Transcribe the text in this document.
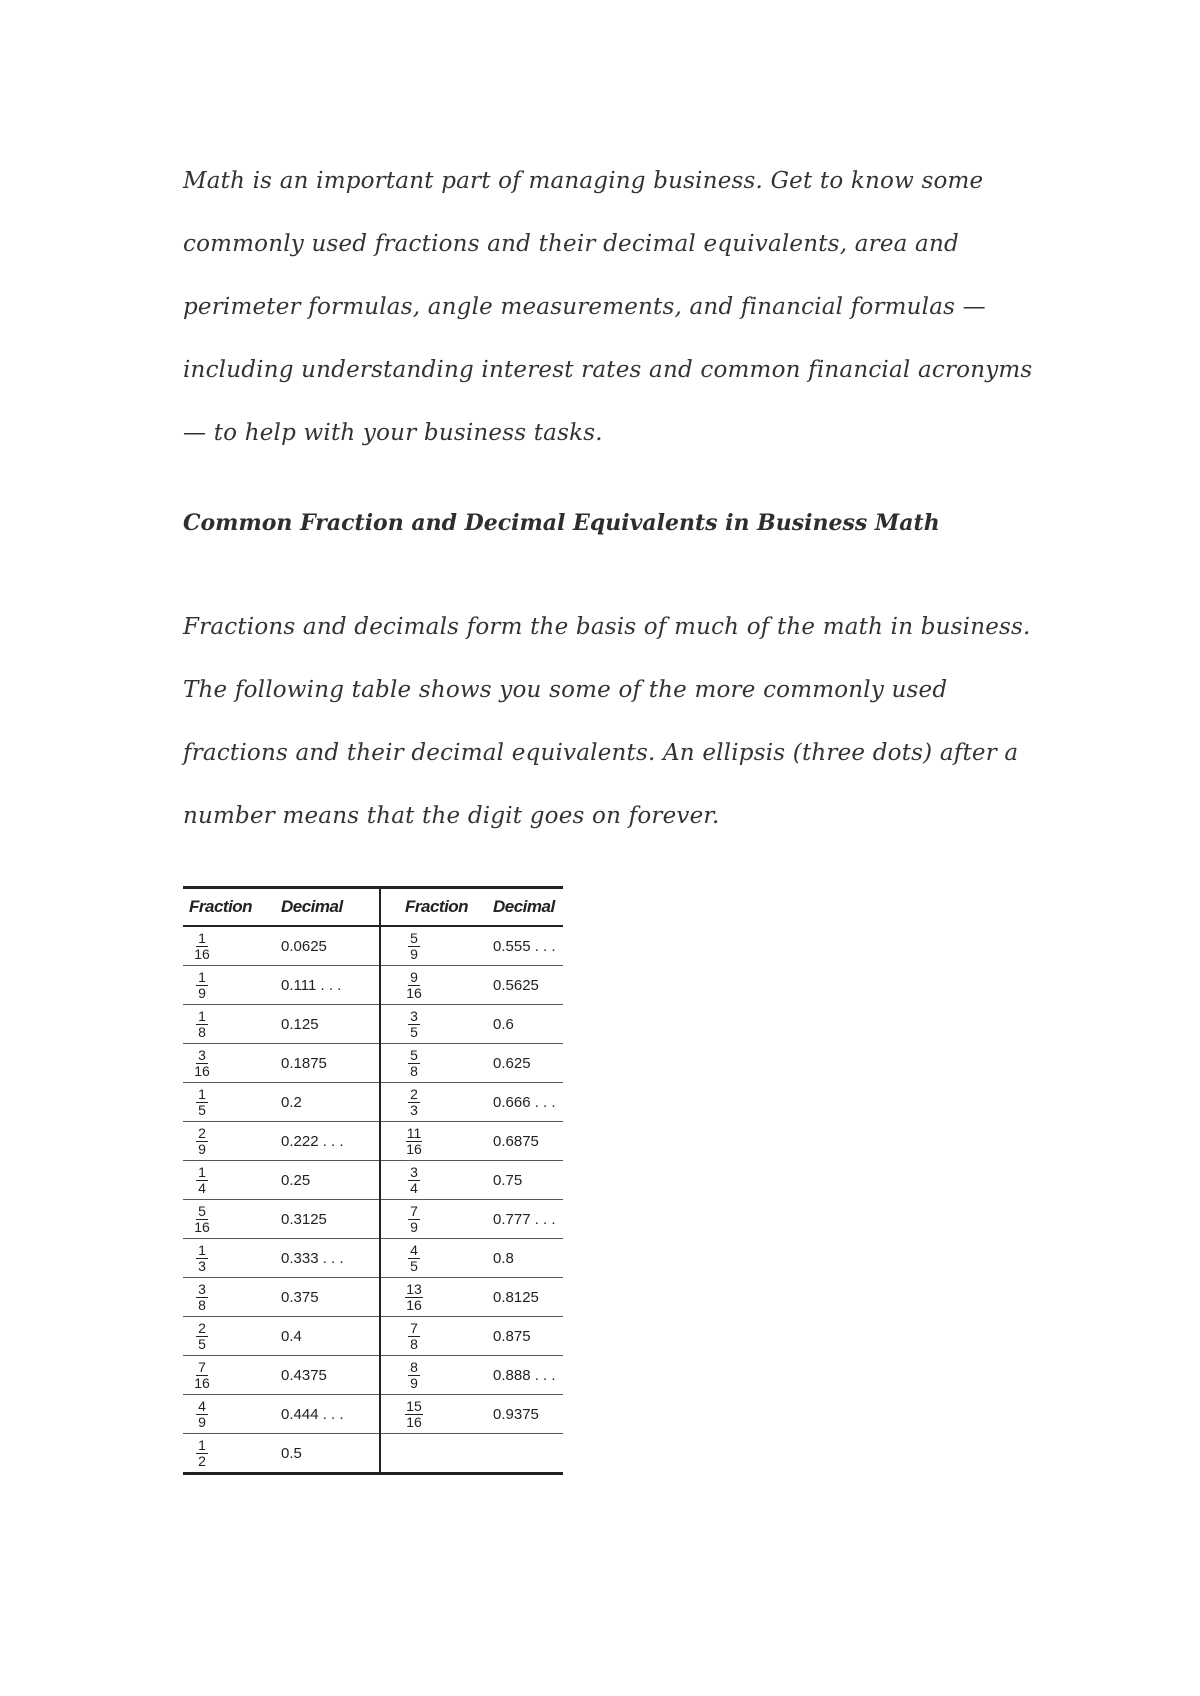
Math is an important part of managing business. Get to know some commonly used fractions and their decimal equivalents, area and perimeter formulas, angle measurements, and financial formulas — including understanding interest rates and common financial acronyms — to help with your business tasks.

Common Fraction and Decimal Equivalents in Business Math

Fractions and decimals form the basis of much of the math in business. The following table shows you some of the more commonly used fractions and their decimal equivalents. An ellipsis (three dots) after a number means that the digit goes on forever.

Fraction	Decimal	Fraction	Decimal

$\frac{1}{16}$	0.0625	$\frac{5}{9}$	0.555 . . .

$\frac{1}{9}$	0.111 . . .	$\frac{9}{16}$	0.5625

$\frac{1}{8}$	0.125	$\frac{3}{5}$	0.6

$\frac{3}{16}$	0.1875	$\frac{5}{8}$	0.625

$\frac{1}{5}$	0.2	$\frac{2}{3}$	0.666 . . .

$\frac{2}{9}$	0.222 . . .	$\frac{11}{16}$	0.6875

$\frac{1}{4}$	0.25	$\frac{3}{4}$	0.75

$\frac{5}{16}$	0.3125	$\frac{7}{9}$	0.777 . . .

$\frac{1}{3}$	0.333 . . .	$\frac{4}{5}$	0.8

$\frac{3}{8}$	0.375	$\frac{13}{16}$	0.8125

$\frac{2}{5}$	0.4	$\frac{7}{8}$	0.875

$\frac{7}{16}$	0.4375	$\frac{8}{9}$	0.888 . . .

$\frac{4}{9}$	0.444 . . .	$\frac{15}{16}$	0.9375

$\frac{1}{2}$	0.5		
